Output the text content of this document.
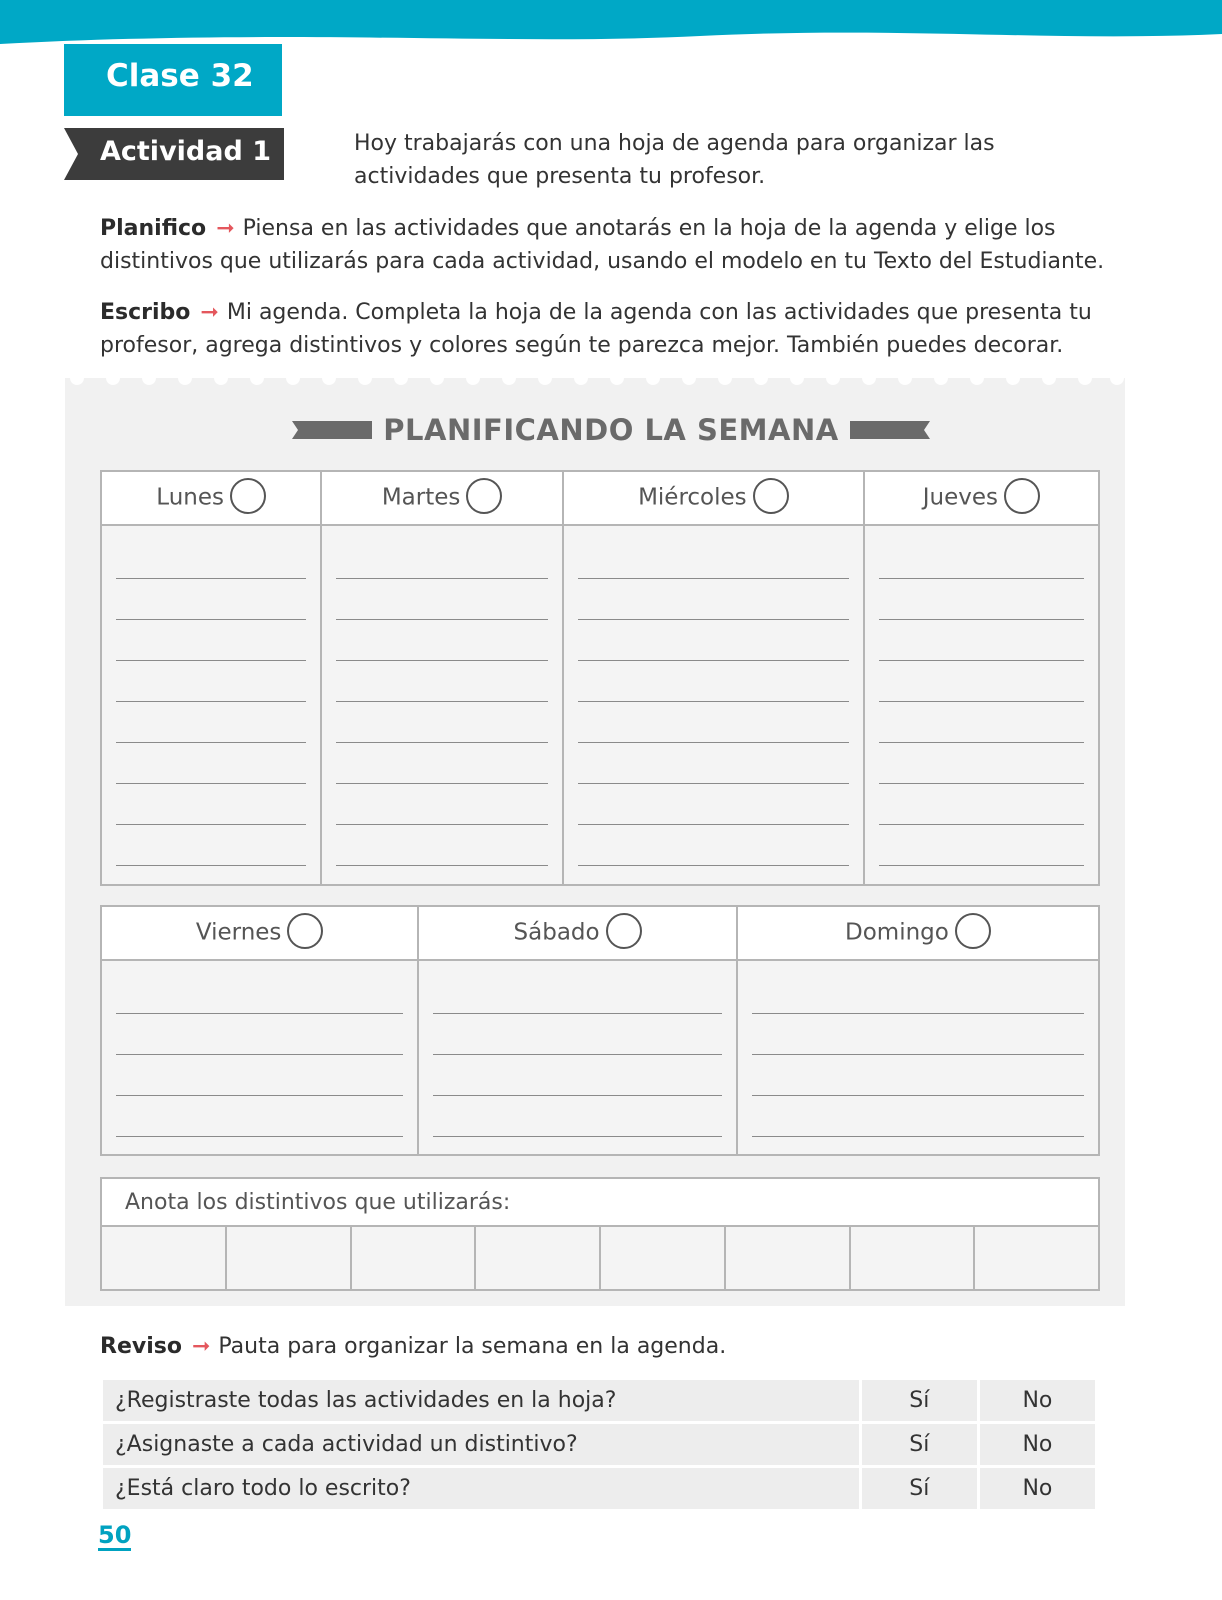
Clase 32
Actividad 1	Hoy trabajarás con una hoja de agenda para organizar las actividades que presenta tu profesor.
Planifico ➞ Piensa en las actividades que anotarás en la hoja de la agenda y elige los distintivos que utilizarás para cada actividad, usando el modelo en tu Texto del Estudiante.
Escribo ➞ Mi agenda. Completa la hoja de la agenda con las actividades que presenta tu profesor, agrega distintivos y colores según te parezca mejor. También puedes decorar.
PLANIFICANDO LA SEMANA
Lunes	Martes	Miércoles	Jueves

Viernes	Sábado	Domingo

Anota los distintivos que utilizarás:

Reviso ➞ Pauta para organizar la semana en la agenda.
¿Registraste todas las actividades en la hoja?	Sí	No
¿Asignaste a cada actividad un distintivo?	Sí	No
¿Está claro todo lo escrito?	Sí	No
50
